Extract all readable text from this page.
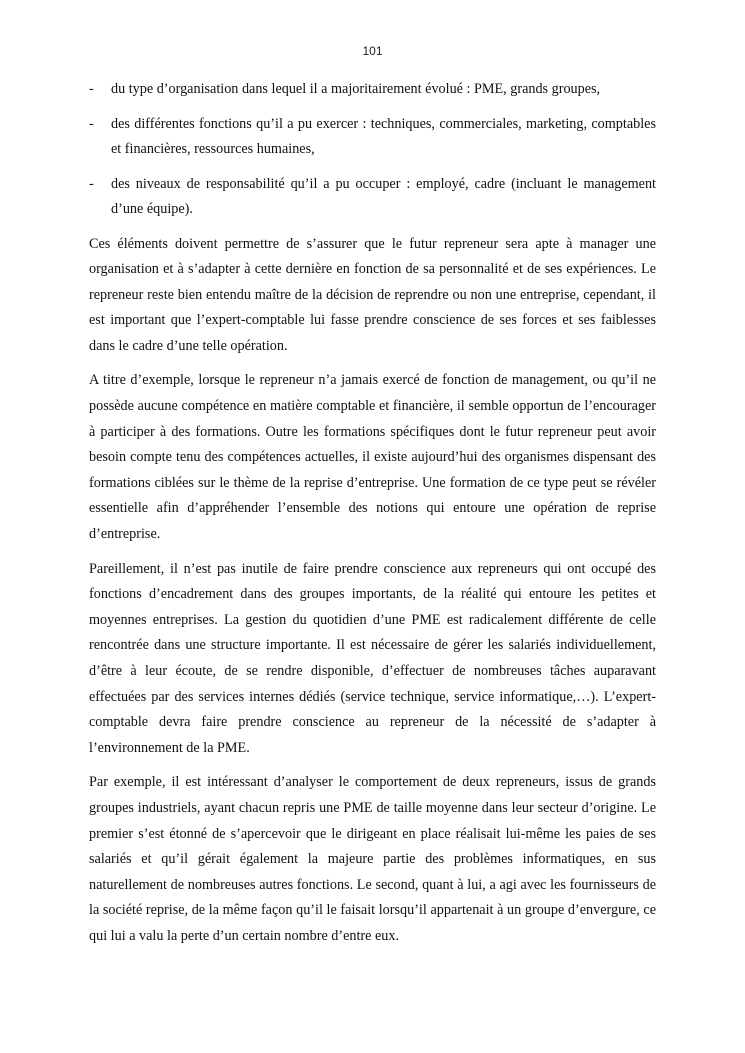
101
- du type d’organisation dans lequel il a majoritairement évolué : PME, grands groupes,
- des différentes fonctions qu’il a pu exercer : techniques, commerciales, marketing, comptables et financières, ressources humaines,
- des niveaux de responsabilité qu’il a pu occuper : employé, cadre (incluant le management d’une équipe).

Ces éléments doivent permettre de s’assurer que le futur repreneur sera apte à manager une organisation et à s’adapter à cette dernière en fonction de sa personnalité et de ses expériences. Le repreneur reste bien entendu maître de la décision de reprendre ou non une entreprise, cependant, il est important que l’expert-comptable lui fasse prendre conscience de ses forces et ses faiblesses dans le cadre d’une telle opération.

A titre d’exemple, lorsque le repreneur n’a jamais exercé de fonction de management, ou qu’il ne possède aucune compétence en matière comptable et financière, il semble opportun de l’encourager à participer à des formations. Outre les formations spécifiques dont le futur repreneur peut avoir besoin compte tenu des compétences actuelles, il existe aujourd’hui des organismes dispensant des formations ciblées sur le thème de la reprise d’entreprise. Une formation de ce type peut se révéler essentielle afin d’appréhender l’ensemble des notions qui entoure une opération de reprise d’entreprise.

Pareillement, il n’est pas inutile de faire prendre conscience aux repreneurs qui ont occupé des fonctions d’encadrement dans des groupes importants, de la réalité qui entoure les petites et moyennes entreprises. La gestion du quotidien d’une PME est radicalement différente de celle rencontrée dans une structure importante. Il est nécessaire de gérer les salariés individuellement, d’être à leur écoute, de se rendre disponible, d’effectuer de nombreuses tâches auparavant effectuées par des services internes dédiés (service technique, service informatique,…). L’expert-comptable devra faire prendre conscience au repreneur de la nécessité de s’adapter à l’environnement de la PME.

Par exemple, il est intéressant d’analyser le comportement de deux repreneurs, issus de grands groupes industriels, ayant chacun repris une PME de taille moyenne dans leur secteur d’origine. Le premier s’est étonné de s’apercevoir que le dirigeant en place réalisait lui-même les paies de ses salariés et qu’il gérait également la majeure partie des problèmes informatiques, en sus naturellement de nombreuses autres fonctions. Le second, quant à lui, a agi avec les fournisseurs de la société reprise, de la même façon qu’il le faisait lorsqu’il appartenait à un groupe d’envergure, ce qui lui a valu la perte d’un certain nombre d’entre eux.
